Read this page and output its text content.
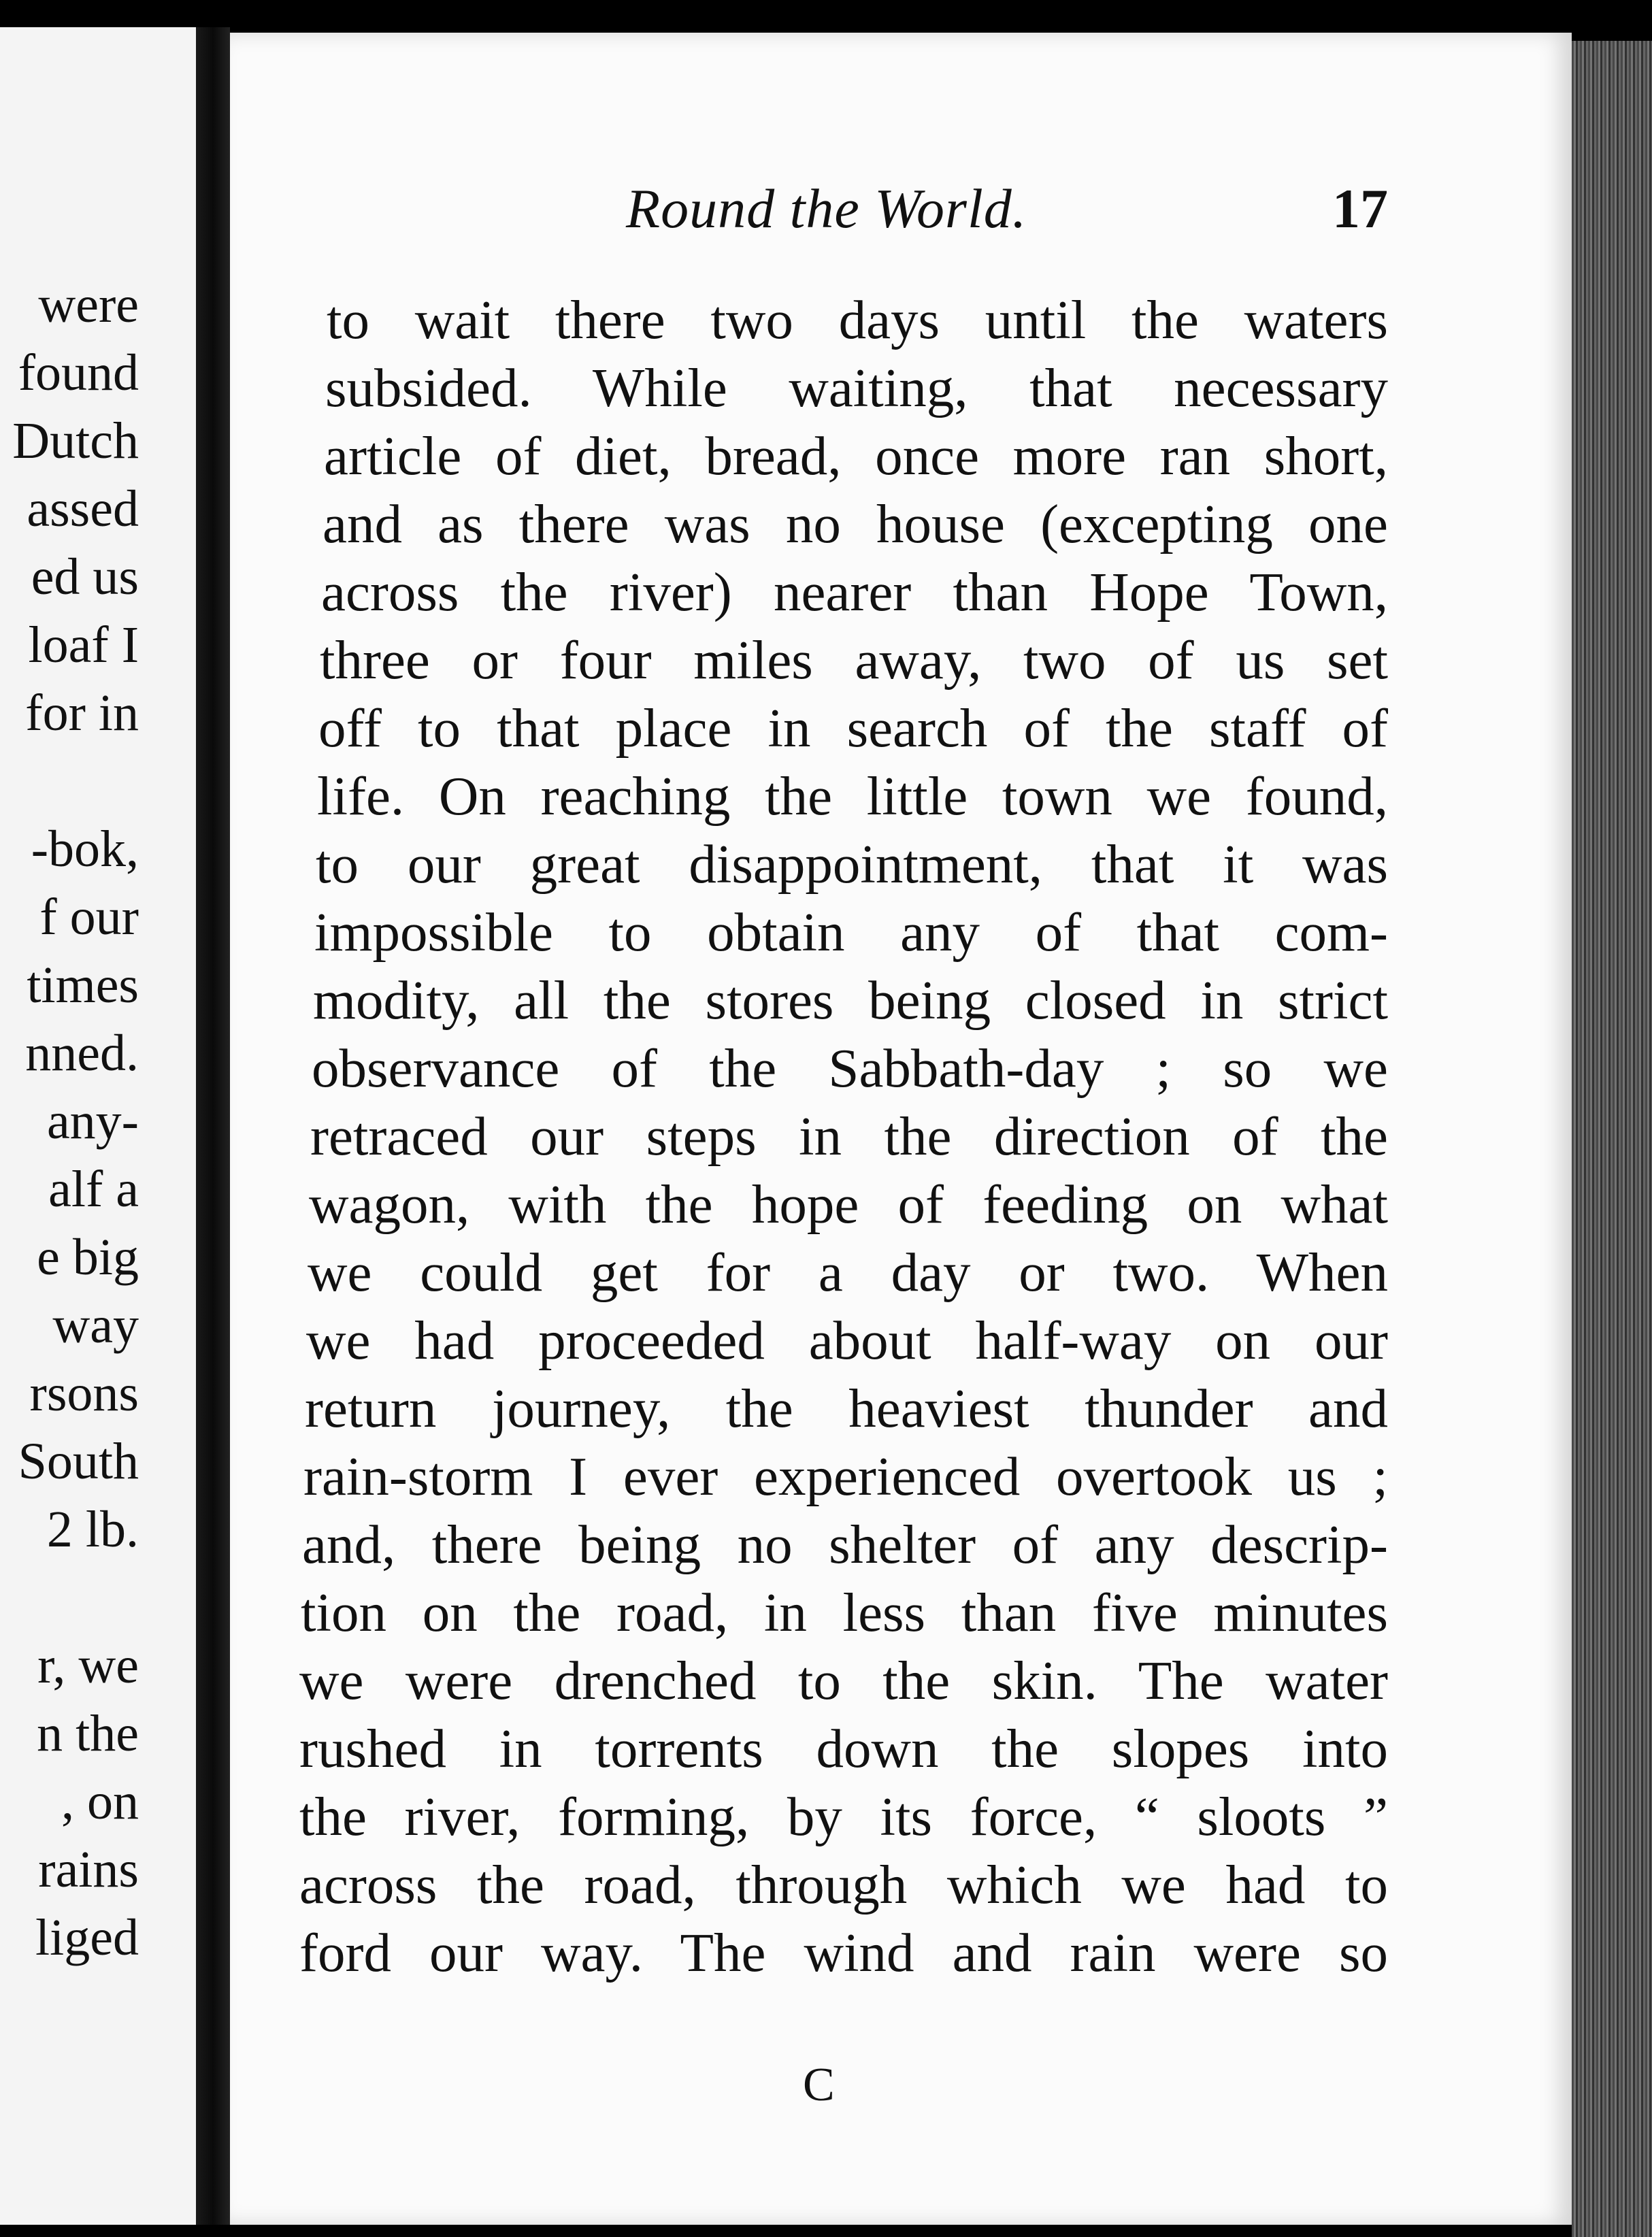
were
found
Dutch
assed
ed us
loaf I
for in
-bok,
f our
times
nned.
any-
alf a
e big
way
rsons
South
2 lb.
r, we
n the
, on
rains
liged
Round the World.	17
to wait there two days until the waters
subsided. While waiting, that necessary
article of diet, bread, once more ran short,
and as there was no house (excepting one
across the river) nearer than Hope Town,
three or four miles away, two of us set
off to that place in search of the staff of
life. On reaching the little town we found,
to our great disappointment, that it was
impossible to obtain any of that com-
modity, all the stores being closed in strict
observance of the Sabbath-day ; so we
retraced our steps in the direction of the
wagon, with the hope of feeding on what
we could get for a day or two. When
we had proceeded about half-way on our
return journey, the heaviest thunder and
rain-storm I ever experienced overtook us ;
and, there being no shelter of any descrip-
tion on the road, in less than five minutes
we were drenched to the skin. The water
rushed in torrents down the slopes into
the river, forming, by its force, “ sloots ”
across the road, through which we had to
ford our way. The wind and rain were so
C
